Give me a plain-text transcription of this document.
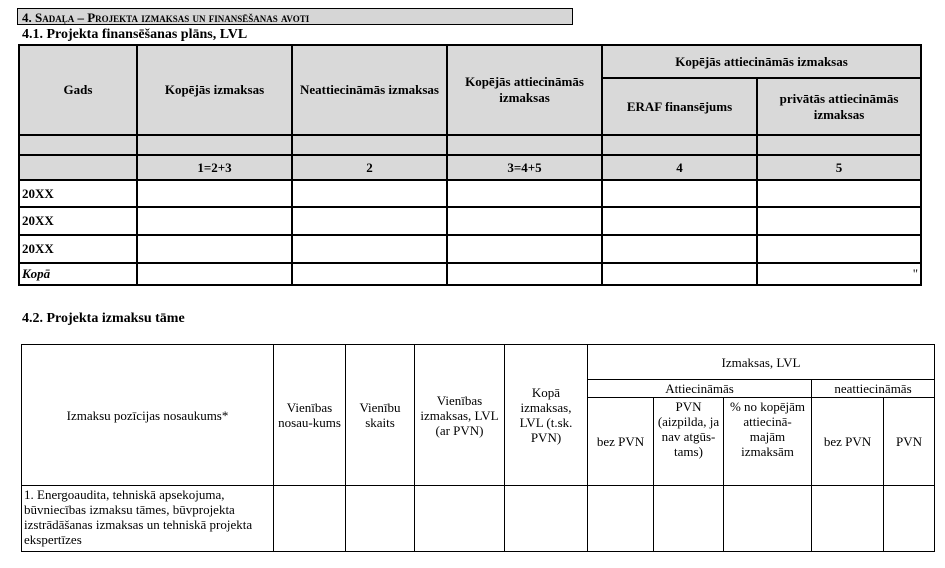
4. Sadaļa – Projekta izmaksas un finansēšanas avoti
4.1. Projekta finansēšanas plāns, LVL
Gads	Kopējās izmaksas	Neattiecināmās izmaksas	Kopējās attiecināmās izmaksas	Kopējās attiecināmās izmaksas	
				ERAF finansējums	privātās attiecināmās izmaksas

	1=2+3	2	3=4+5	4	5
20XX					
20XX					
20XX					
Kopā					"
4.2. Projekta izmaksu tāme
Izmaksu pozīcijas nosaukums*	Vienības nosau-kums	Vienību skaits	Vienības izmaksas, LVL (ar PVN)	Kopā izmaksas, LVL (t.sk. PVN)	Izmaksas, LVL				
					Attiecināmās			neattiecināmās	
					bez PVN	PVN (aizpilda, ja nav atgūs-tams)	% no kopējām attiecinā-majām izmaksām	bez PVN	PVN
1. Energoaudita, tehniskā apsekojuma, būvniecības izmaksu tāmes, būvprojekta izstrādāšanas izmaksas un tehniskā projekta ekspertīzes									
